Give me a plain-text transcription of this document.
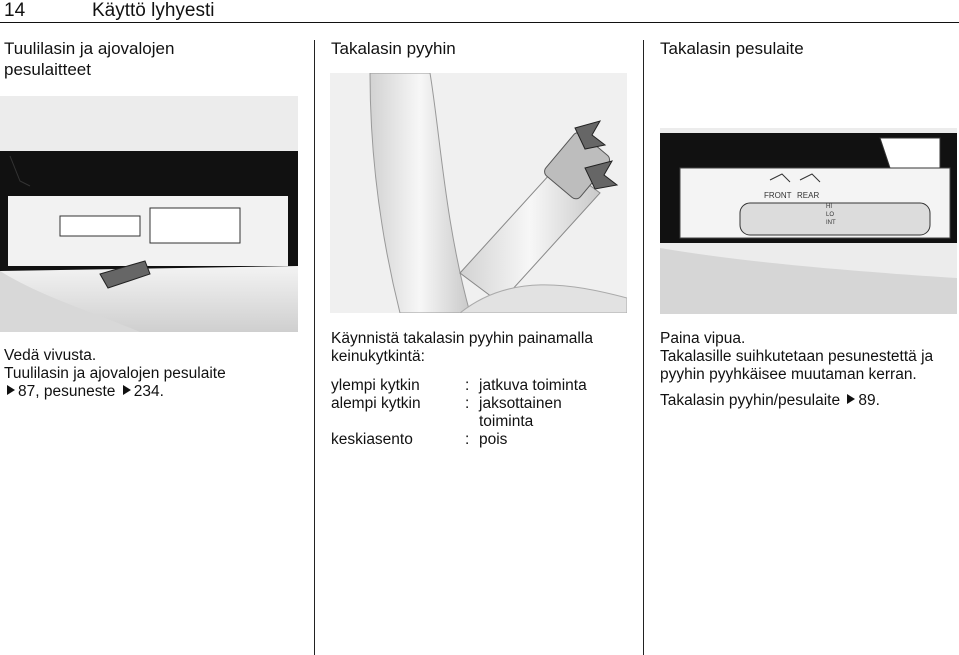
14	Käyttö lyhyesti
Tuulilasin ja ajovalojen pesulaitteet

Vedä vivusta.

Tuulilasin ja ajovalojen pesulaite

87, pesuneste 234.

Takalasin pyyhin

Käynnistä takalasin pyyhin painamalla keinukytkintä:

ylempi kytkin	:	jatkuva toiminta
alempi kytkin	:	jaksottainen toiminta
keskiasento	:	pois
Takalasin pesulaite
FRONT REAR
HI
LO
INT

Paina vipua.

Takalasille suihkutetaan pesunestettä ja pyyhin pyyhkäisee muutaman kerran.

Takalasin pyyhin/pesulaite 89.
